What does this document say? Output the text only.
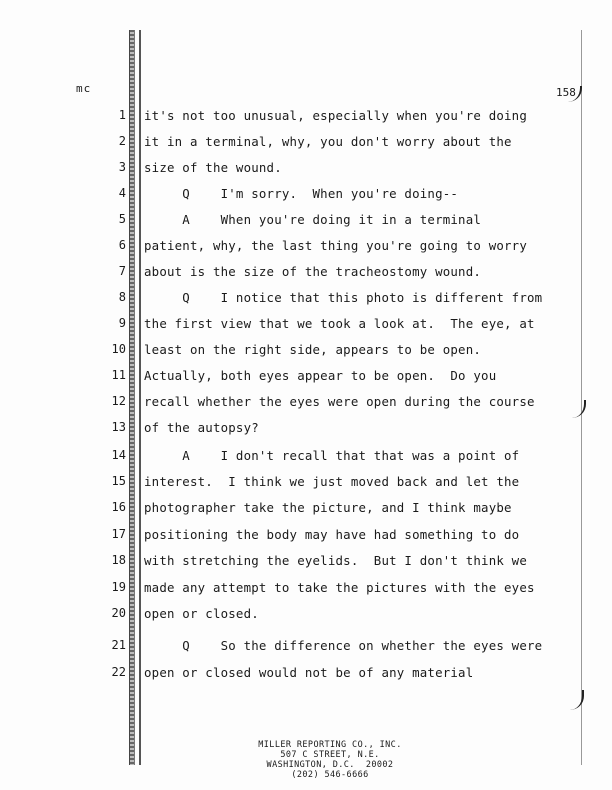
mc	158
1 it's not too unusual, especially when you're doing
2 it in a terminal, why, you don't worry about the
3 size of the wound.
4 Q    I'm sorry.  When you're doing--
5 A    When you're doing it in a terminal
6 patient, why, the last thing you're going to worry
7 about is the size of the tracheostomy wound.
8 Q    I notice that this photo is different from
9 the first view that we took a look at.  The eye, at
10 least on the right side, appears to be open.
11 Actually, both eyes appear to be open.  Do you
12 recall whether the eyes were open during the course
13 of the autopsy?
14 A    I don't recall that that was a point of
15 interest.  I think we just moved back and let the
16 photographer take the picture, and I think maybe
17 positioning the body may have had something to do
18 with stretching the eyelids.  But I don't think we
19 made any attempt to take the pictures with the eyes
20 open or closed.
21 Q    So the difference on whether the eyes were
22 open or closed would not be of any material
MILLER REPORTING CO., INC.
507 C STREET, N.E.
WASHINGTON, D.C.  20002
(202) 546-6666
